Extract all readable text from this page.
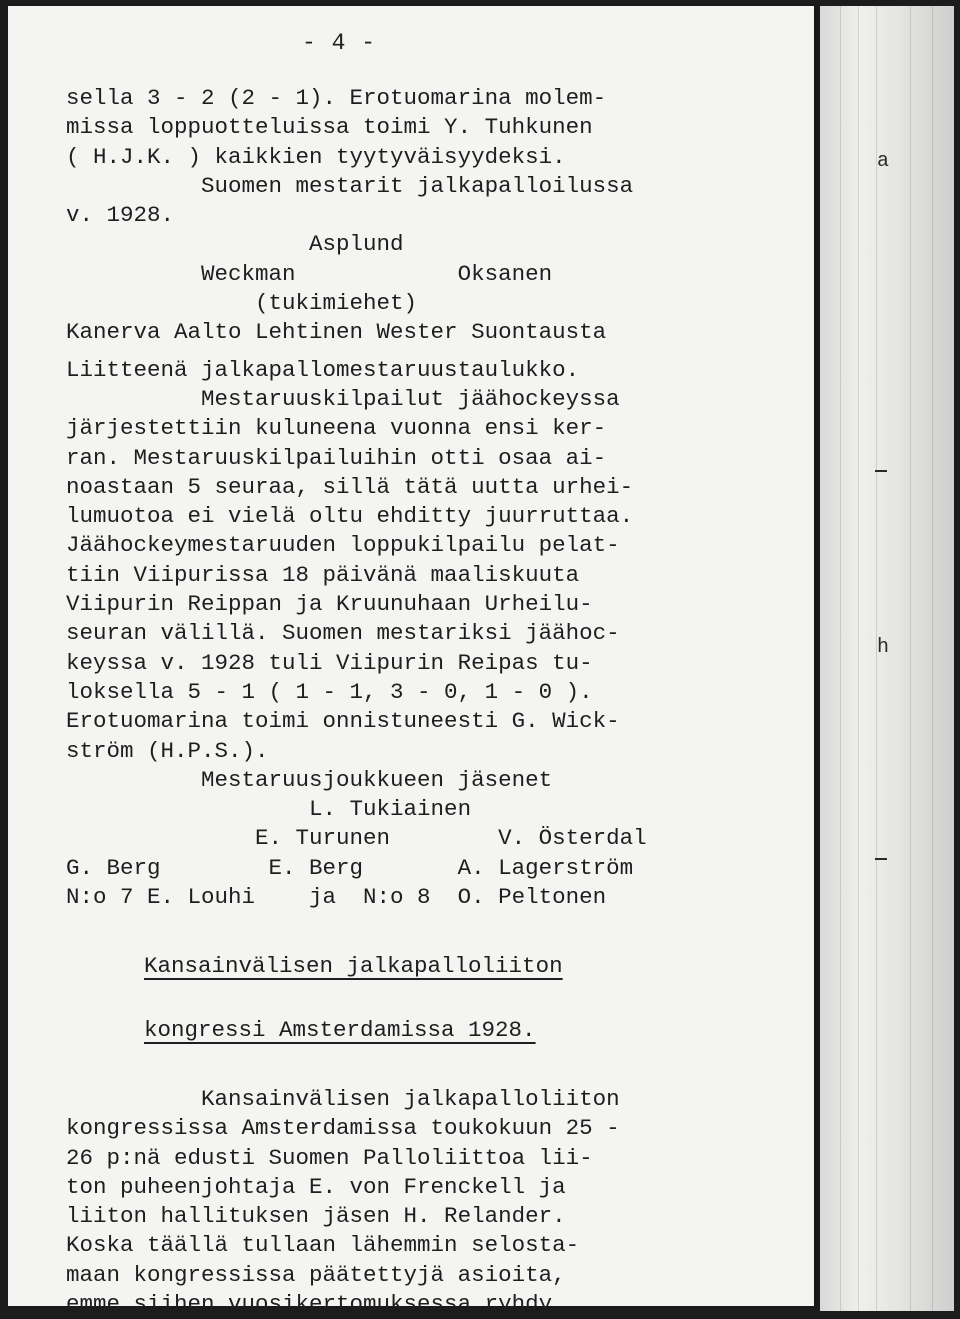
a
h
- 4 -
sella 3 - 2 (2 - 1). Erotuomarina molem-
missa loppuotteluissa toimi Y. Tuhkunen
( H.J.K. ) kaikkien tyytyväisyydeksi.
Suomen mestarit jalkapalloilussa
v. 1928.
Asplund
Weckman            Oksanen
(tukimiehet)
Kanerva Aalto Lehtinen Wester Suontausta
Liitteenä jalkapallomestaruustaulukko.
Mestaruuskilpailut jäähockeyssa
järjestettiin kuluneena vuonna ensi ker-
ran. Mestaruuskilpailuihin otti osaa ai-
noastaan 5 seuraa, sillä tätä uutta urhei-
lumuotoa ei vielä oltu ehditty juurruttaa.
Jäähockeymestaruuden loppukilpailu pelat-
tiin Viipurissa 18 päivänä maaliskuuta
Viipurin Reippan ja Kruunuhaan Urheilu-
seuran välillä. Suomen mestariksi jäähoc-
keyssa v. 1928 tuli Viipurin Reipas tu-
loksella 5 - 1 ( 1 - 1, 3 - 0, 1 - 0 ).
Erotuomarina toimi onnistuneesti G. Wick-
ström (H.P.S.).
Mestaruusjoukkueen jäsenet
L. Tukiainen
E. Turunen        V. Österdal
G. Berg        E. Berg       A. Lagerström
N:o 7 E. Louhi    ja  N:o 8  O. Peltonen
Kansainvälisen jalkapalloliiton
kongressi Amsterdamissa 1928.
Kansainvälisen jalkapalloliiton
kongressissa Amsterdamissa toukokuun 25 -
26 p:nä edusti Suomen Palloliittoa lii-
ton puheenjohtaja E. von Frenckell ja
liiton hallituksen jäsen H. Relander.
Koska täällä tullaan lähemmin selosta-
maan kongressissa päätettyjä asioita,
emme siihen vuosikertomuksessa ryhdy.
